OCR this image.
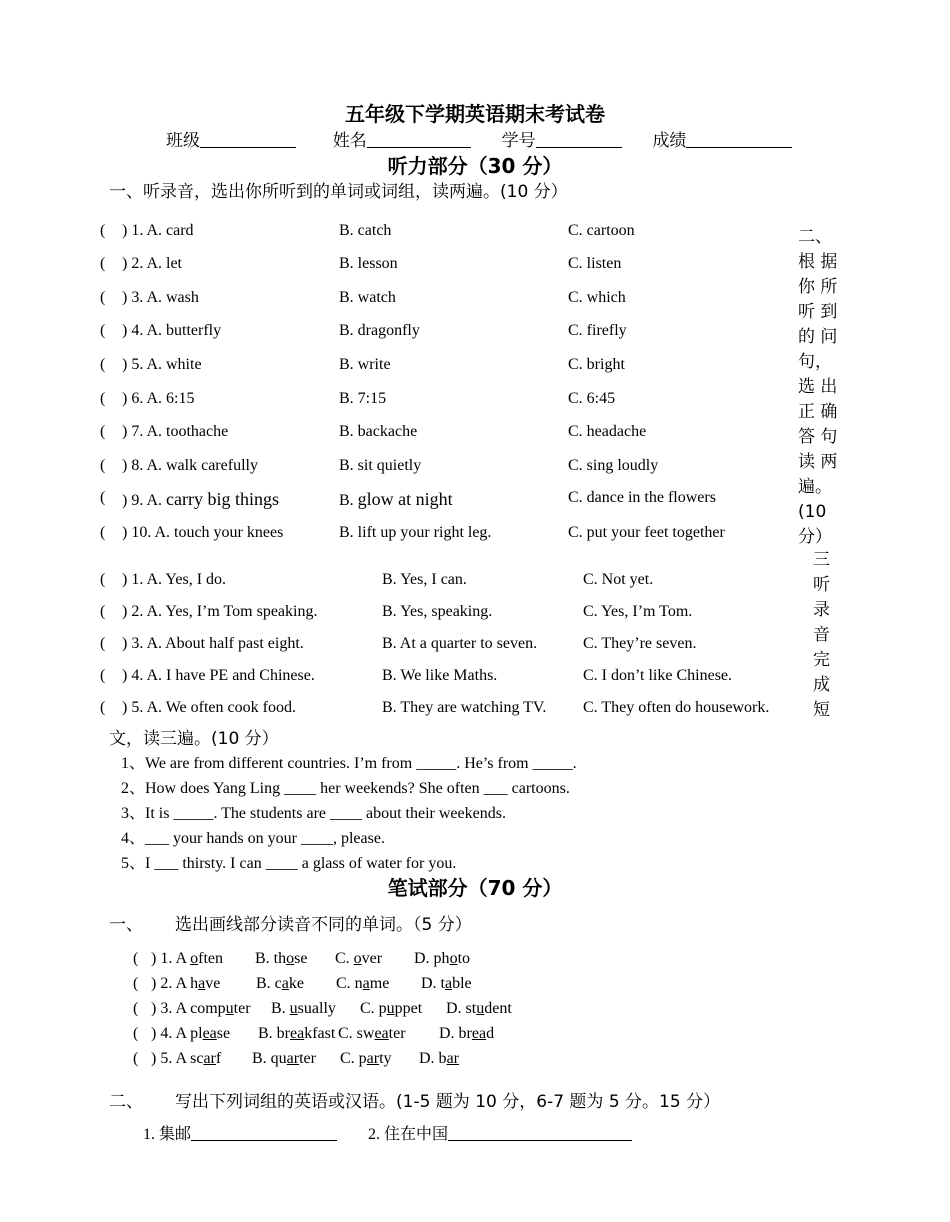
五年级下学期英语期末考试卷
班级	姓名	学号	成绩
听力部分（30 分）
一、听录音，选出你所听到的单词或词组，读两遍。(10 分）
( ) 1. A. card	B. catch	C. cartoon
( ) 2. A. let	B. lesson	C. listen
( ) 3. A. wash	B. watch	C. which
( ) 4. A. butterfly	B. dragonfly	C. firefly
( ) 5. A. white	B. write	C. bright
( ) 6. A. 6:15	B. 7:15	C. 6:45
( ) 7. A. toothache	B. backache	C. headache
( ) 8. A. walk carefully	B. sit quietly	C. sing loudly
( ) 9. A. carry big things	B. glow at night	C. dance in the flowers
( ) 10. A. touch your knees	B. lift up your right leg.	C. put your feet together
二、
根 据
你 所
听 到
的 问
句，
选 出
正 确
答 句
读 两
遍。
(10
分）
( ) 1. A. Yes, I do.	B. Yes, I can.	C. Not yet.
( ) 2. A. Yes, I’m Tom speaking.	B. Yes, speaking.	C. Yes, I’m Tom.
( ) 3. A. About half past eight.	B. At a quarter to seven.	C. They’re seven.
( ) 4. A. I have PE and Chinese.	B. We like Maths.	C. I don’t like Chinese.
( ) 5. A. We often cook food.	B. They are watching TV. C. They often do housework.
三
听
录
音
完
成
短
文，读三遍。(10 分）
1、We are from different countries. I’m from _____. He’s from _____.
2、How does Yang Ling ____ her weekends? She often ___ cartoons.
3、It is _____. The students are ____ about their weekends.
4、___ your hands on your ____, please.
5、I ___ thirsty. I can ____ a glass of water for you.
笔试部分（70 分）
一、 选出画线部分读音不同的单词。（5 分）
( ) 1. A often B. those C. over D. photo
( ) 2. A have B. cake C. name D. table
( ) 3. A computer B. usually C. puppet D. student
( ) 4. A please B. breakfast C. sweater D. bread
( ) 5. A scarf B. quarter C. party D. bar
二、 写出下列词组的英语或汉语。(1-5 题为 10 分，6-7 题为 5 分。15 分）
1. 集邮	2. 住在中国
